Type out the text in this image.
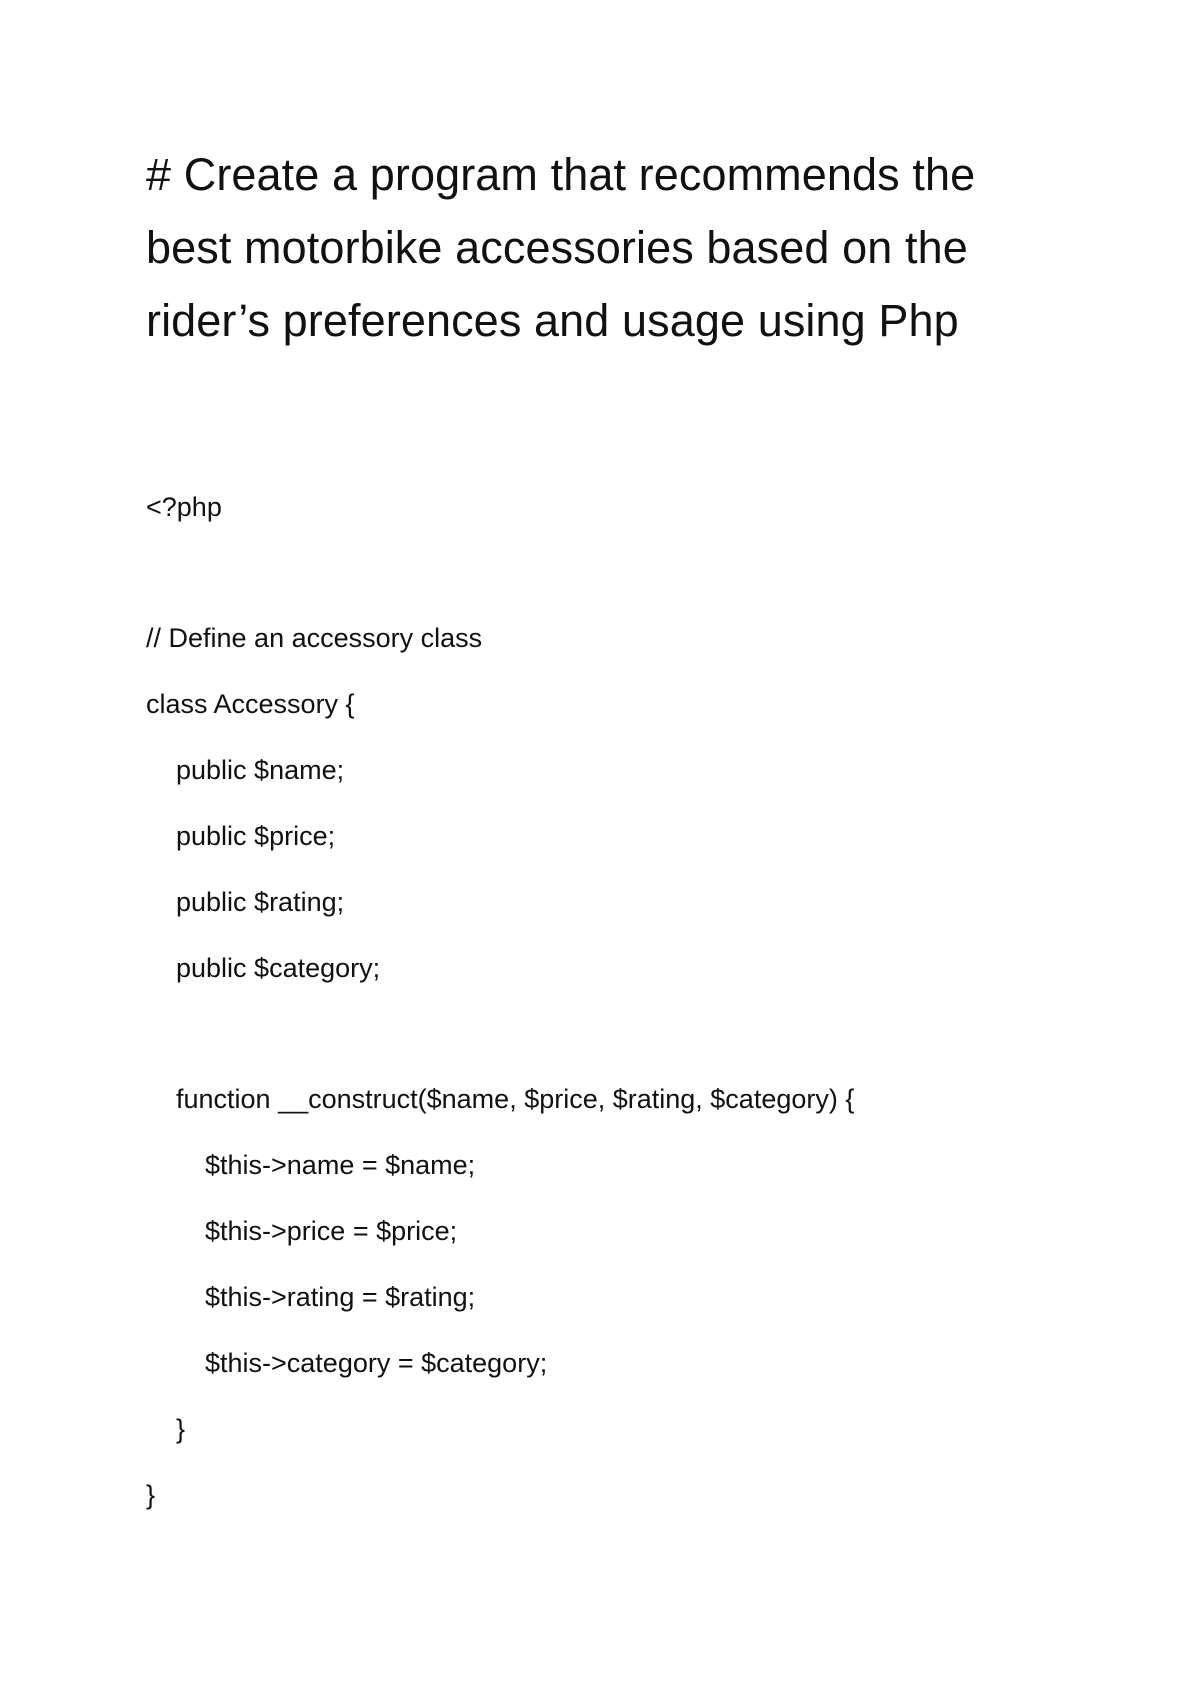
# Create a program that recommends the
best motorbike accessories based on the
rider’s preferences and usage using Php
<?php
// Define an accessory class
class Accessory {
public $name;
public $price;
public $rating;
public $category;
function __construct($name, $price, $rating, $category) {
$this->name = $name;
$this->price = $price;
$this->rating = $rating;
$this->category = $category;
}
}
